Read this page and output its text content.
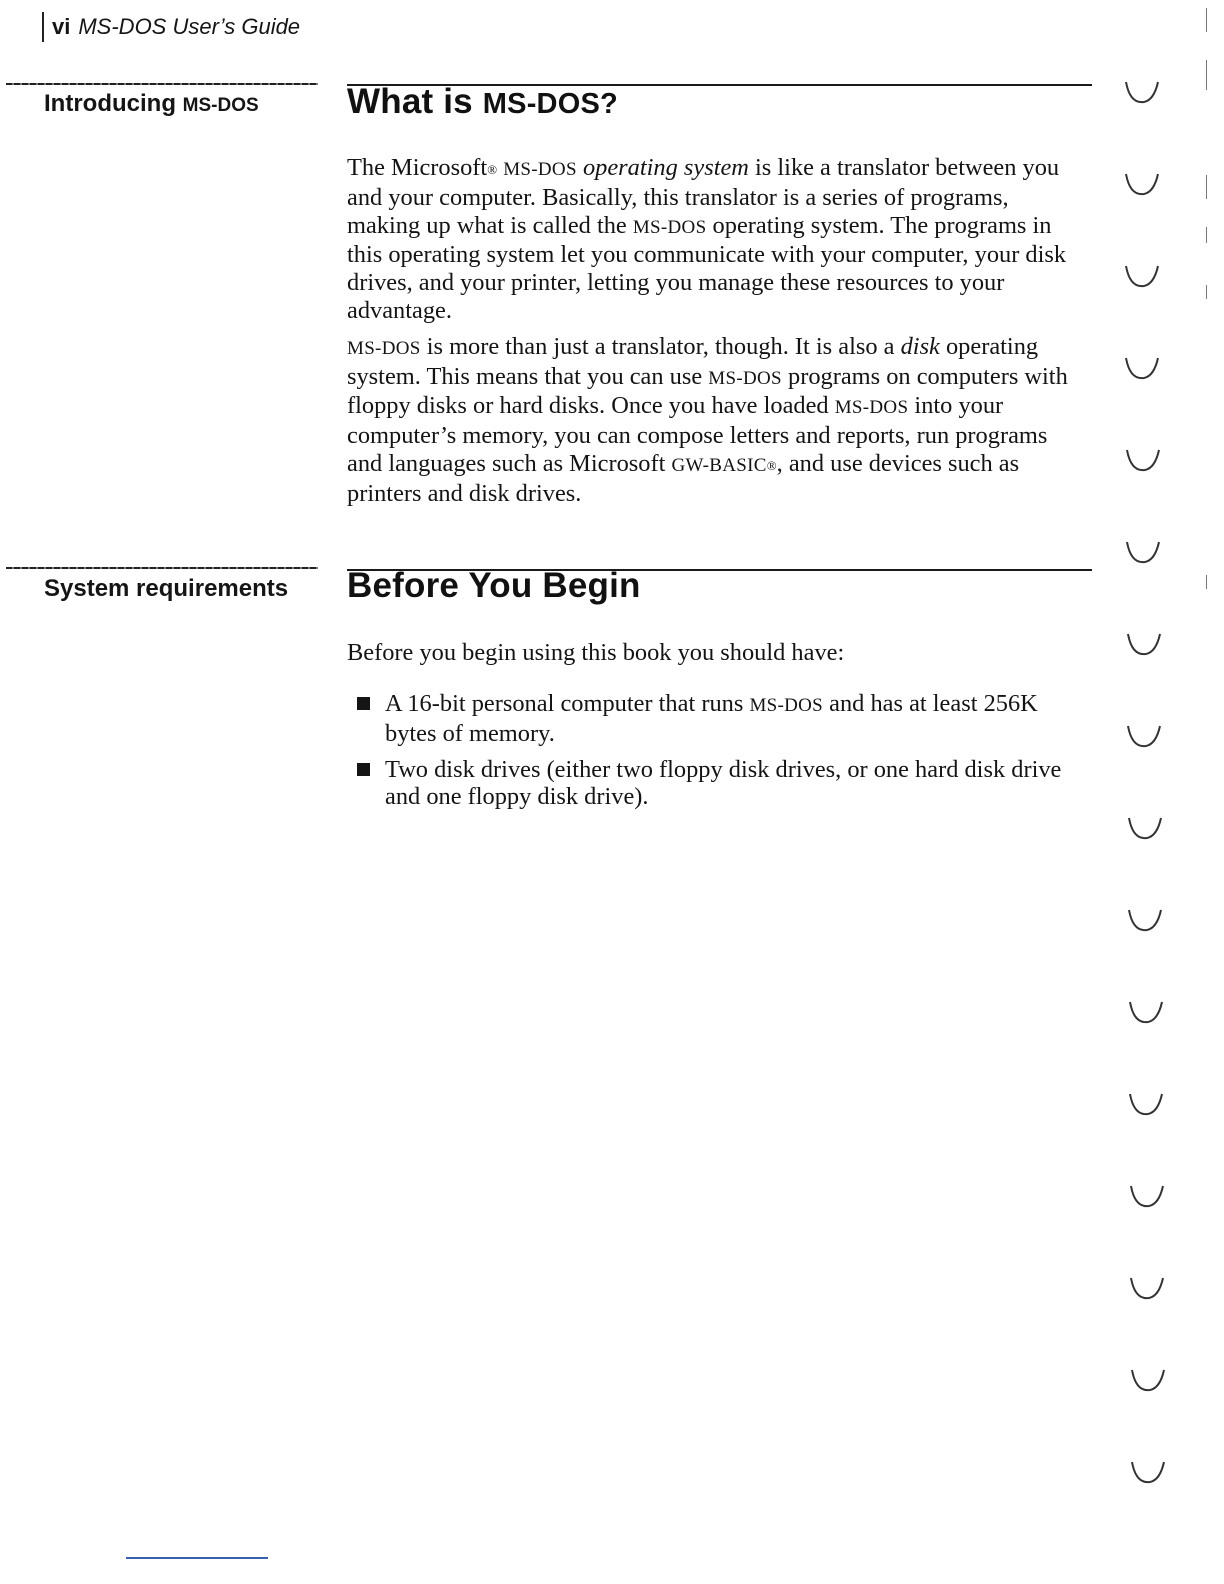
vi MS-DOS User’s Guide
Introducing MS-DOS	What is MS-DOS?

The Microsoft® MS-DOS operating system is like a translator between you and your computer. Basically, this translator is a series of programs, making up what is called the MS-DOS operating system. The programs in this operating system let you communicate with your computer, your disk drives, and your printer, letting you manage these resources to your advantage.

MS-DOS is more than just a translator, though. It is also a disk operating system. This means that you can use MS-DOS programs on computers with floppy disks or hard disks. Once you have loaded MS-DOS into your computer’s memory, you can compose letters and reports, run programs and languages such as Microsoft GW-BASIC®, and use devices such as printers and disk drives.

System requirements Before You Begin

Before you begin using this book you should have:

A 16-bit personal computer that runs MS-DOS and has at least 256K bytes of memory.
Two disk drives (either two floppy disk drives, or one hard disk drive and one floppy disk drive).
